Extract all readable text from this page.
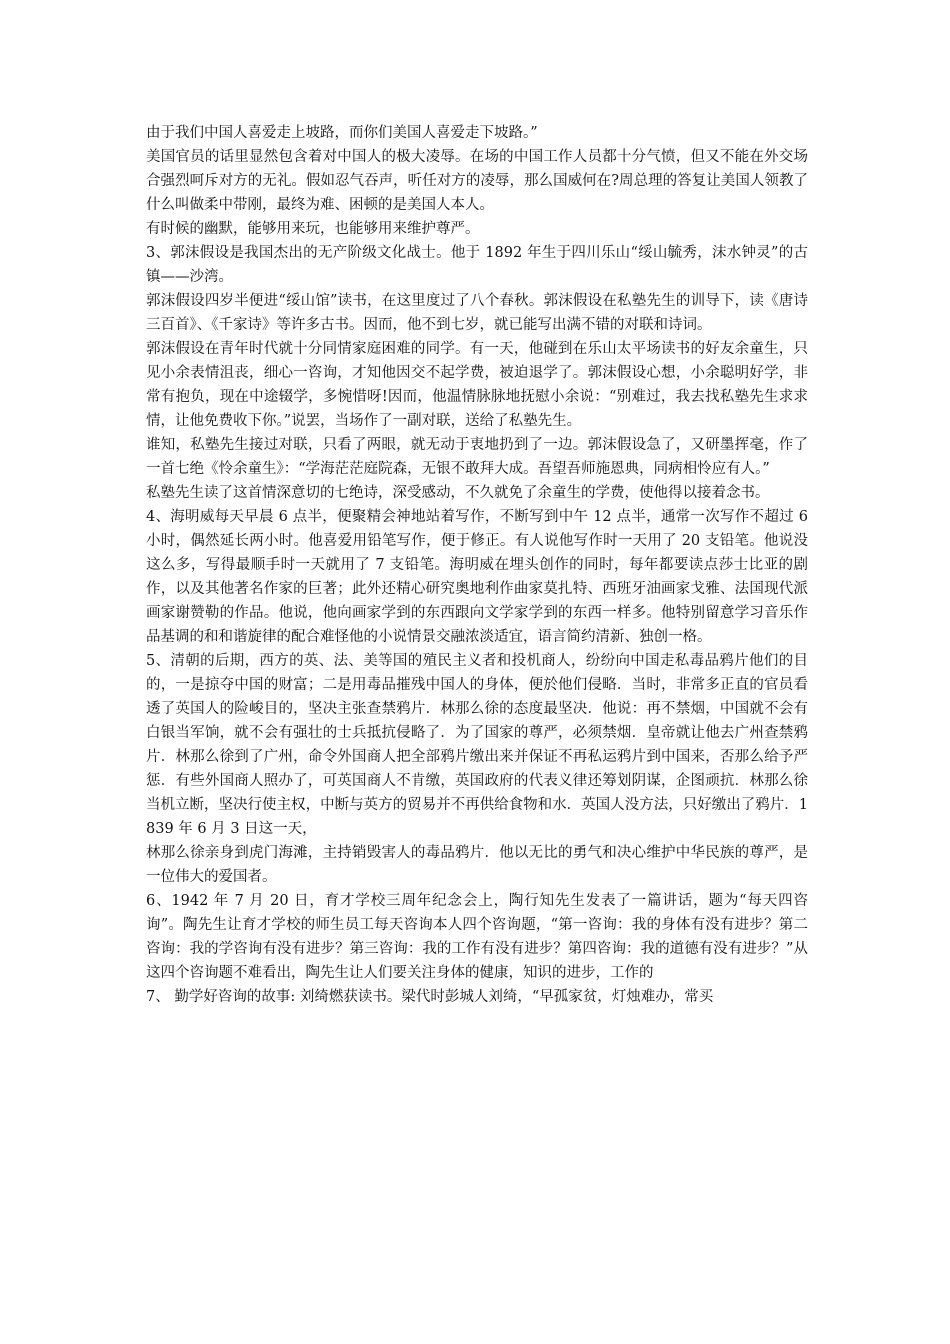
由于我们中国人喜爱走上坡路，而你们美国人喜爱走下坡路。”

美国官员的话里显然包含着对中国人的极大凌辱。在场的中国工作人员都十分气愤，但又不能在外交场合强烈呵斥对方的无礼。假如忍气吞声，听任对方的凌辱，那么国威何在?周总理的答复让美国人领教了什么叫做柔中带刚，最终为难、困顿的是美国人本人。

有时候的幽默，能够用来玩，也能够用来维护尊严。

3、郭沫假设是我国杰出的无产阶级文化战士。他于 1892 年生于四川乐山“绥山毓秀，沫水钟灵”的古镇——沙湾。

郭沫假设四岁半便进“绥山馆”读书，在这里度过了八个春秋。郭沫假设在私塾先生的训导下，读《唐诗三百首》、《千家诗》等许多古书。因而，他不到七岁，就已能写出满不错的对联和诗词。

郭沫假设在青年时代就十分同情家庭困难的同学。有一天，他碰到在乐山太平场读书的好友余童生，只见小余表情沮丧，细心一咨询，才知他因交不起学费，被迫退学了。郭沫假设心想，小余聪明好学，非常有抱负，现在中途辍学，多惋惜呀!因而，他温情脉脉地抚慰小余说：“别难过，我去找私塾先生求求情，让他免费收下你。”说罢，当场作了一副对联，送给了私塾先生。

谁知，私塾先生接过对联，只看了两眼，就无动于衷地扔到了一边。郭沫假设急了，又研墨挥毫，作了一首七绝《怜余童生》：“学海茫茫庭院森，无银不敢拜大成。吾望吾师施恩典，同病相怜应有人。”

私塾先生读了这首情深意切的七绝诗，深受感动，不久就免了余童生的学费，使他得以接着念书。

4、海明威每天早晨 6 点半，便聚精会神地站着写作，不断写到中午 12 点半，通常一次写作不超过 6 小时，偶然延长两小时。他喜爱用铅笔写作，便于修正。有人说他写作时一天用了 20 支铅笔。他说没这么多，写得最顺手时一天就用了 7 支铅笔。海明威在埋头创作的同时，每年都要读点莎士比亚的剧作，以及其他著名作家的巨著；此外还精心研究奥地利作曲家莫扎特、西班牙油画家戈雅、法国现代派画家谢赞勒的作品。他说，他向画家学到的东西跟向文学家学到的东西一样多。他特别留意学习音乐作品基调的和和谐旋律的配合难怪他的小说情景交融浓淡适宜，语言简约清新、独创一格。

5、清朝的后期，西方的英、法、美等国的殖民主义者和投机商人，纷纷向中国走私毒品鸦片他们的目的，一是掠夺中国的财富；二是用毒品摧残中国人的身体，便於他们侵略．当时，非常多正直的官员看透了英国人的险峻目的，坚决主张查禁鸦片．林那么徐的态度最坚决．他说：再不禁烟，中国就不会有白银当军饷，就不会有强壮的士兵抵抗侵略了．为了国家的尊严，必须禁烟．皇帝就让他去广州查禁鸦片．林那么徐到了广州，命令外国商人把全部鸦片缴出来并保证不再私运鸦片到中国来，否那么给予严惩．有些外国商人照办了，可英国商人不肯缴，英国政府的代表义律还筹划阴谋，企图顽抗．林那么徐当机立断，坚决行使主权，中断与英方的贸易并不再供给食物和水．英国人没方法，只好缴出了鸦片．1839 年 6 月 3 日这一天，

林那么徐亲身到虎门海滩，主持销毁害人的毒品鸦片．他以无比的勇气和决心维护中华民族的尊严，是一位伟大的爱国者。

6、1942 年 7 月 20 日，育才学校三周年纪念会上，陶行知先生发表了一篇讲话，题为“每天四咨询”。陶先生让育才学校的师生员工每天咨询本人四个咨询题，“第一咨询：我的身体有没有进步？第二咨询：我的学咨询有没有进步？第三咨询：我的工作有没有进步？第四咨询：我的道德有没有进步？”从这四个咨询题不难看出，陶先生让人们要关注身体的健康，知识的进步，工作的

7、 勤学好咨询的故事: 刘绮燃获读书。梁代时彭城人刘绮，“早孤家贫，灯烛难办，常买
